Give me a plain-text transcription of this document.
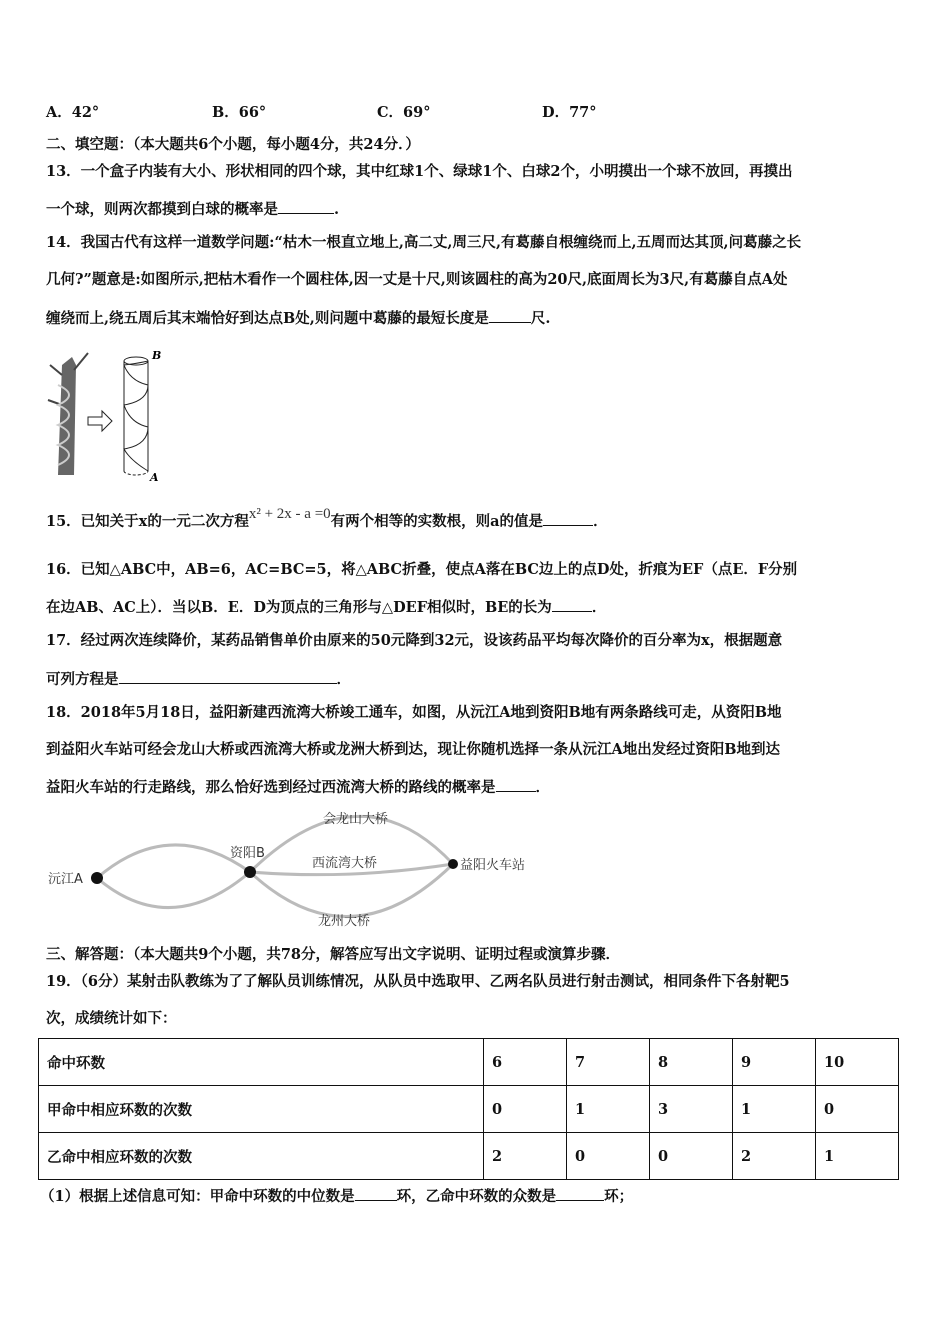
A．42°	B．66°	C．69°	D．77°
二、填空题：（本大题共6个小题，每小题4分，共24分．）
13．一个盒子内装有大小、形状相同的四个球，其中红球1个、绿球1个、白球2个，小明摸出一个球不放回，再摸出
一个球，则两次都摸到白球的概率是	.
14．我国古代有这样一道数学问题:“枯木一根直立地上,高二丈,周三尺,有葛藤自根缠绕而上,五周而达其顶,问葛藤之长
几何?”题意是:如图所示,把枯木看作一个圆柱体,因一丈是十尺,则该圆柱的高为20尺,底面周长为3尺,有葛藤自点A处
缠绕而上,绕五周后其末端恰好到达点B处,则问题中葛藤的最短长度是	尺.
B
A
15．已知关于x的一元二次方程x² + 2x - a =0有两个相等的实数根，则a的值是	．
16．已知△ABC中，AB=6，AC=BC=5，将△ABC折叠，使点A落在BC边上的点D处，折痕为EF（点E．F分别
在边AB、AC上）．当以B．E．D为顶点的三角形与△DEF相似时，BE的长为	．
17．经过两次连续降价，某药品销售单价由原来的50元降到32元，设该药品平均每次降价的百分率为x，根据题意
可列方程是	．
18．2018年5月18日，益阳新建西流湾大桥竣工通车，如图，从沅江A地到资阳B地有两条路线可走，从资阳B地
到益阳火车站可经会龙山大桥或西流湾大桥或龙洲大桥到达，现让你随机选择一条从沅江A地出发经过资阳B地到达
益阳火车站的行走路线，那么恰好选到经过西流湾大桥的路线的概率是	．
沅江A
资阳B
益阳火车站
会龙山大桥
西流湾大桥
龙州大桥
三、解答题：（本大题共9个小题，共78分，解答应写出文字说明、证明过程或演算步骤．
19．（6分）某射击队教练为了了解队员训练情况，从队员中选取甲、乙两名队员进行射击测试，相同条件下各射靶5
次，成绩统计如下：
命中环数	6	7	8	9	10
甲命中相应环数的次数	0	1	3	1	0
乙命中相应环数的次数	2	0	0	2	1
（1）根据上述信息可知：甲命中环数的中位数是	环，乙命中环数的众数是	环；
